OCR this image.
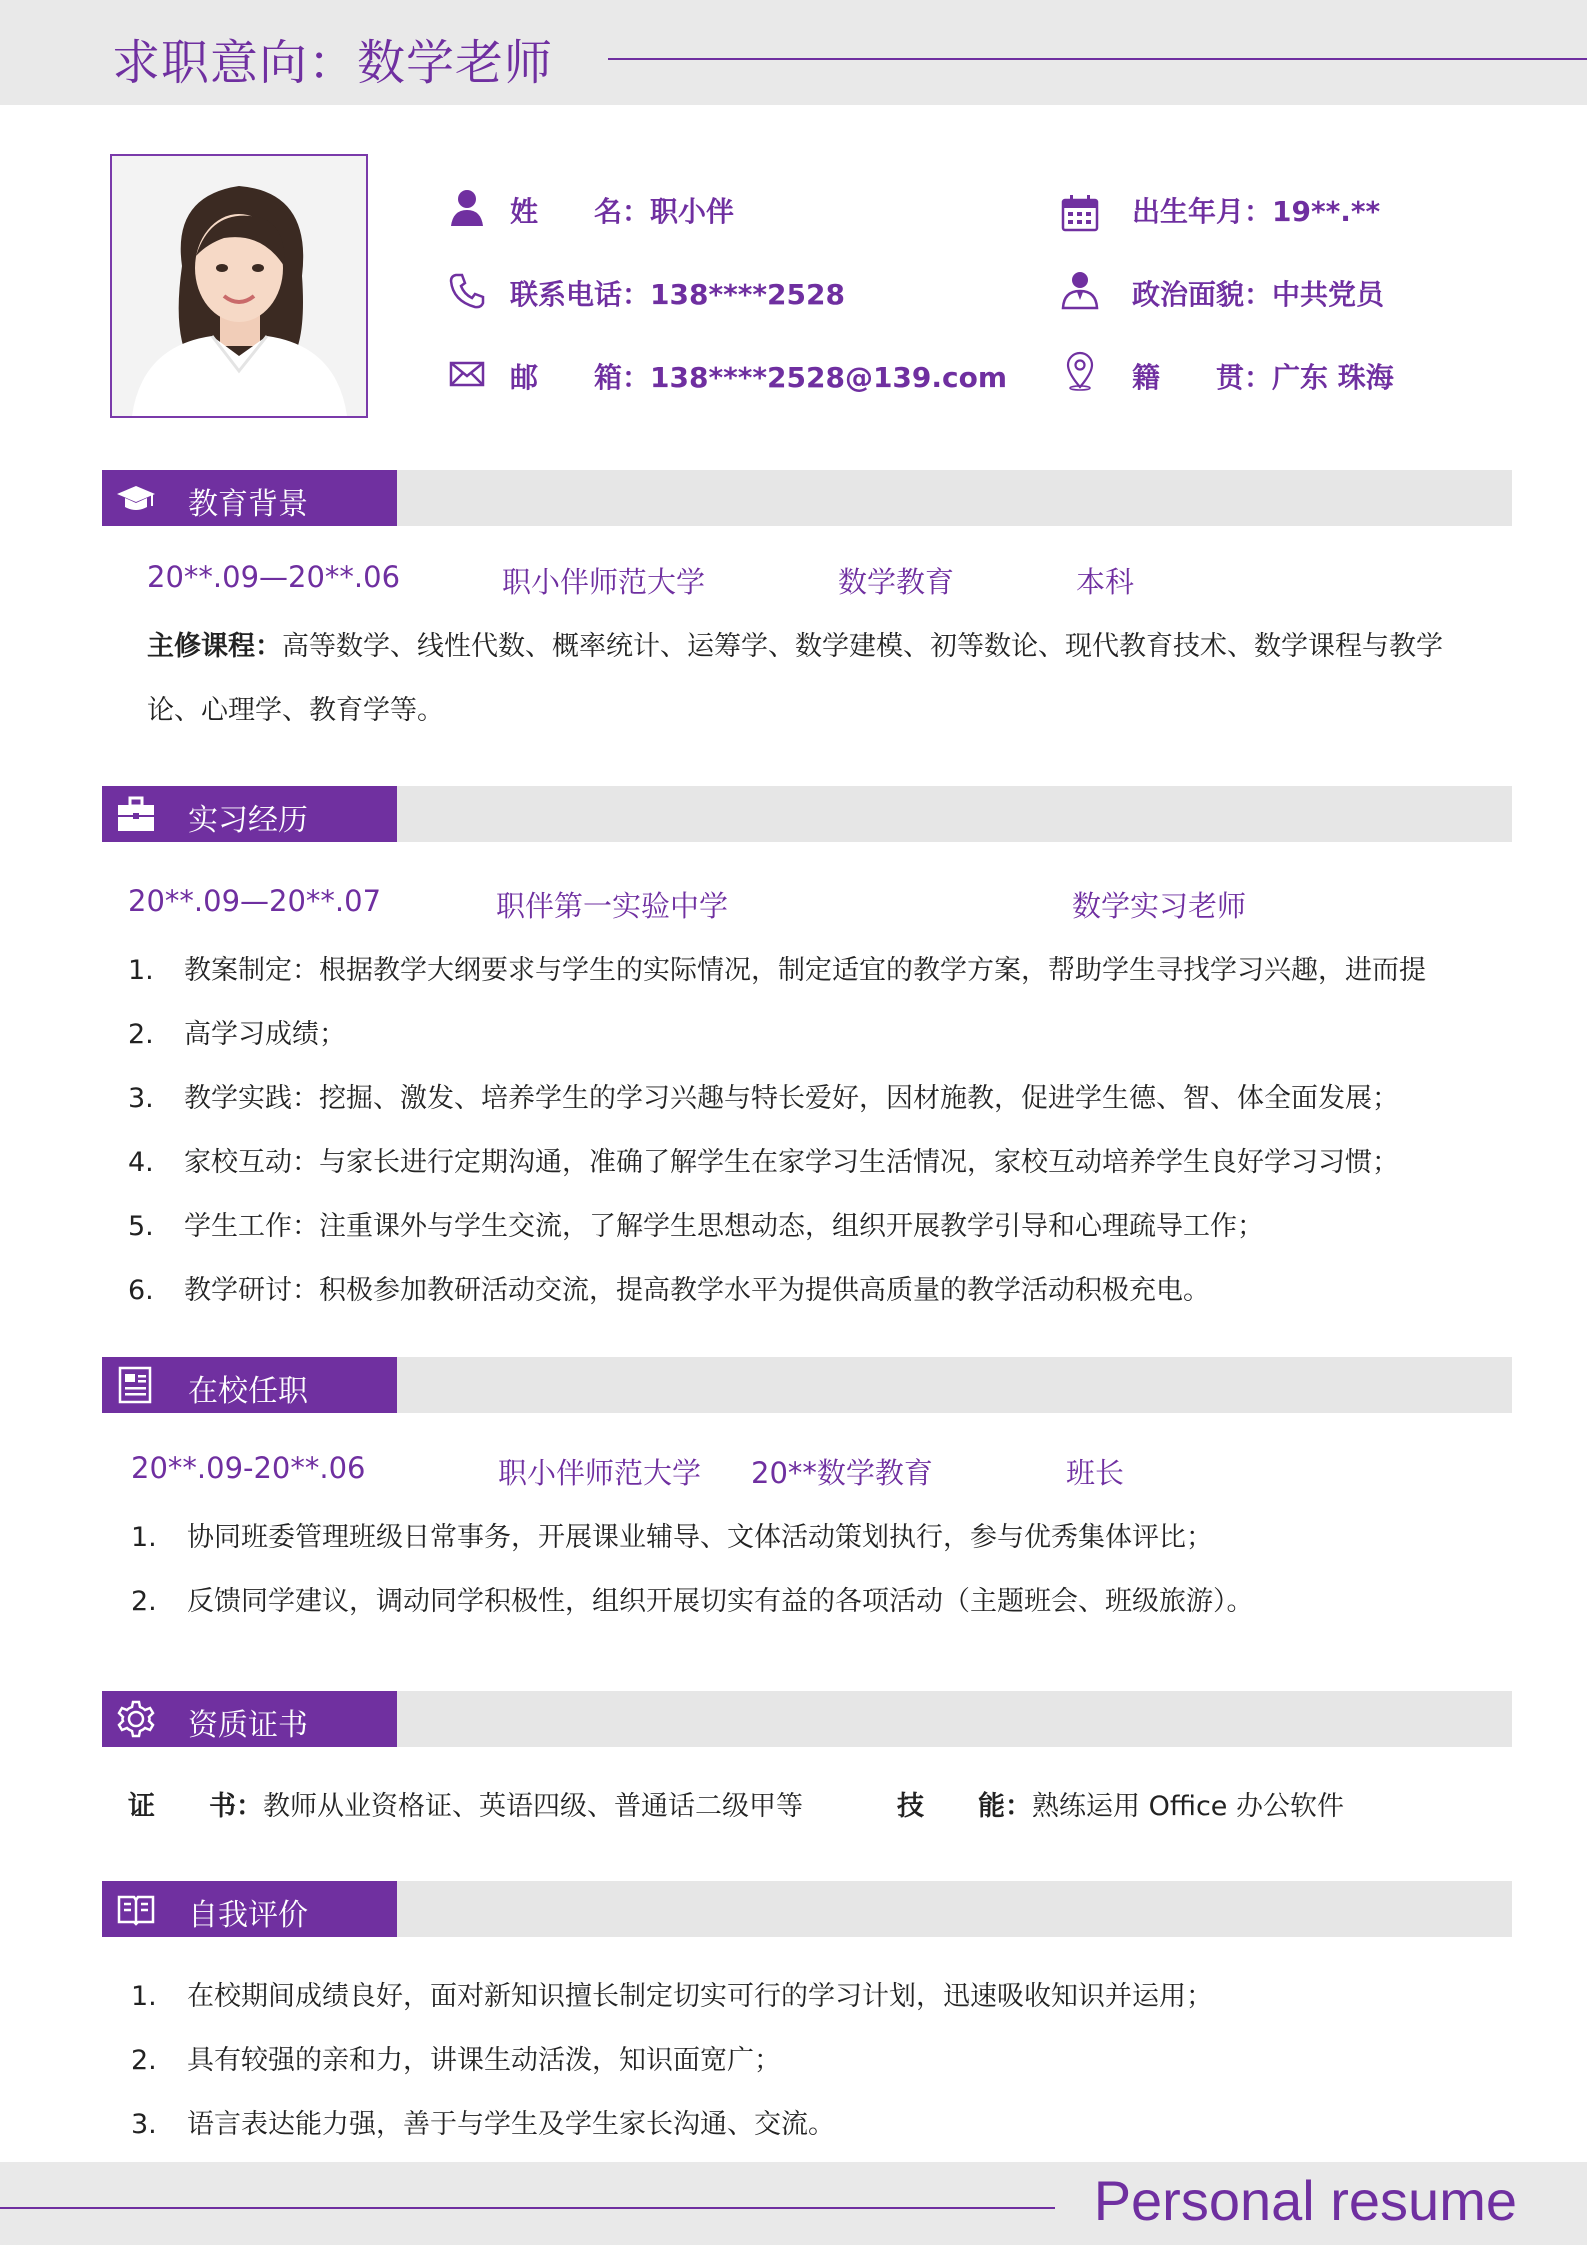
求职意向：数学老师
姓　　名：职小伴
联系电话：138****2528
邮　　箱：138****2528@139.com
出生年月：19**.**
政治面貌：中共党员
籍　　贯：广东 珠海
教育背景
20**.09—20**.06	职小伴师范大学	数学教育	本科
主修课程：高等数学、线性代数、概率统计、运筹学、数学建模、初等数论、现代教育技术、数学课程与教学
论、心理学、教育学等。
实习经历
20**.09—20**.07	职伴第一实验中学	数学实习老师
1. 教案制定：根据教学大纲要求与学生的实际情况，制定适宜的教学方案，帮助学生寻找学习兴趣，进而提
2. 高学习成绩；
3. 教学实践：挖掘、激发、培养学生的学习兴趣与特长爱好，因材施教，促进学生德、智、体全面发展；
4. 家校互动：与家长进行定期沟通，准确了解学生在家学习生活情况，家校互动培养学生良好学习习惯；
5. 学生工作：注重课外与学生交流，了解学生思想动态，组织开展教学引导和心理疏导工作；
6. 教学研讨：积极参加教研活动交流，提高教学水平为提供高质量的教学活动积极充电。
在校任职
20**.09-20**.06	职小伴师范大学 20**数学教育	班长
1. 协同班委管理班级日常事务，开展课业辅导、文体活动策划执行，参与优秀集体评比；
2. 反馈同学建议，调动同学积极性，组织开展切实有益的各项活动（主题班会、班级旅游）。
资质证书
证　　书：教师从业资格证、英语四级、普通话二级甲等	技　　能：熟练运用 Office 办公软件
自我评价
1. 在校期间成绩良好，面对新知识擅长制定切实可行的学习计划，迅速吸收知识并运用；
2. 具有较强的亲和力，讲课生动活泼，知识面宽广；
3. 语言表达能力强，善于与学生及学生家长沟通、交流。
Personal resume
